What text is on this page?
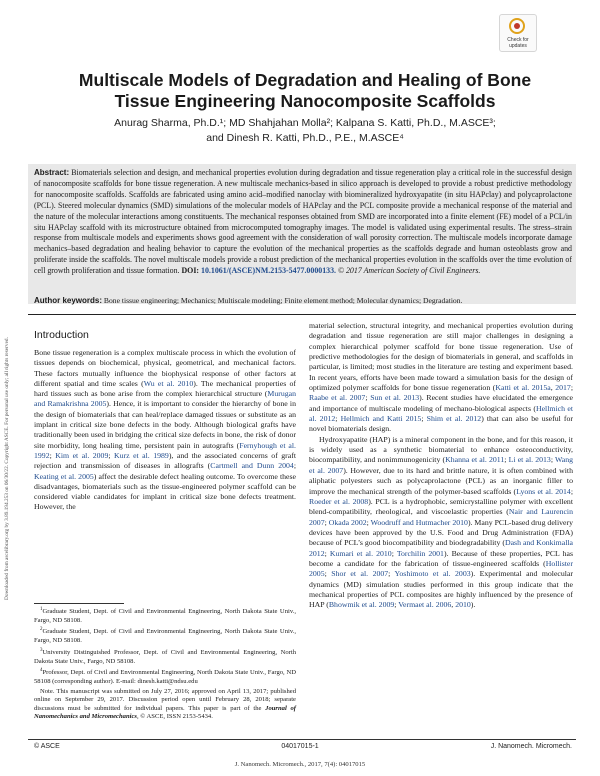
Downloaded from ascelibrary.org by 3.89.194.253 on 06/30/22. Copyright ASCE. For personal use only; all rights reserved.
Check for
updates
Multiscale Models of Degradation and Healing of Bone
Tissue Engineering Nanocomposite Scaffolds
Anurag Sharma, Ph.D.¹; MD Shahjahan Molla²; Kalpana S. Katti, Ph.D., M.ASCE³;
and Dinesh R. Katti, Ph.D., P.E., M.ASCE⁴
Abstract: Biomaterials selection and design, and mechanical properties evolution during degradation and tissue regeneration play a critical role in the successful design of nanocomposite scaffolds for bone tissue regeneration. A new multiscale mechanics-based in silico approach is developed to provide a robust predictive methodology for nanocomposite scaffolds. Scaffolds are fabricated using amino acid–modified nanoclay with biomineralized hydroxyapatite (in situ HAPclay) and polycaprolactone (PCL). Steered molecular dynamics (SMD) simulations of the molecular models of HAPclay and the PCL composite provide a mechanical response of the material and the nature of the molecular interactions among constituents. The mechanical responses obtained from SMD are incorporated into a finite element (FE) model of a PCL/in situ HAPclay scaffold with its microstructure obtained from microcomputed tomography images. The model is validated using experimental results. The stress–strain response from multiscale models and experiments shows good agreement with the consideration of wall porosity correction. The multiscale models incorporate damage mechanics–based degradation and healing behavior to capture the evolution of the mechanical properties as the scaffolds degrade and human osteoblasts grow and proliferate inside the scaffolds. The novel multiscale models provide a robust prediction of the mechanical properties evolution in the scaffolds over the time evolution of cell growth proliferation and tissue formation. DOI: 10.1061/(ASCE)NM.2153-5477.0000133. © 2017 American Society of Civil Engineers.
Author keywords: Bone tissue engineering; Mechanics; Multiscale modeling; Finite element method; Molecular dynamics; Degradation.

Introduction

Bone tissue regeneration is a complex multiscale process in which the evolution of tissues depends on biochemical, physical, geometrical, and mechanical factors. These factors mutually influence the biophysical response of other factors at different spatial and time scales (Wu et al. 2010). The mechanical properties of hard tissues such as bone arise from the complex hierarchical structure (Murugan and Ramakrishna 2005). Hence, it is important to consider the hierarchy of bone in the design of biomaterials that can heal/replace damaged tissues or substitute as an implant in critical size bone defects in the body. Although biological grafts have traditionally been used in bridging the critical size defects in bone, the risk of donor site morbidity, long healing time, persistent pain in autografts (Fernyhough et al. 1992; Kim et al. 2009; Kurz et al. 1989), and the associated concerns of graft rejection and transmission of diseases in allografts (Cartmell and Dunn 2004; Keating et al. 2005) affect the desirable defect healing outcome. To overcome these disadvantages, biomaterials such as the tissue-engineered polymer scaffold can be considered viable candidates for implant in critical size bone defects treatment. However, the

$^1$Graduate Student, Dept. of Civil and Environmental Engineering, North Dakota State Univ., Fargo, ND 58108.

$^2$Graduate Student, Dept. of Civil and Environmental Engineering, North Dakota State Univ., Fargo, ND 58108.

$^3$University Distinguished Professor, Dept. of Civil and Environmental Engineering, North Dakota State Univ., Fargo, ND 58108.

$^4$Professor, Dept. of Civil and Environmental Engineering, North Dakota State Univ., Fargo, ND 58108 (corresponding author). E-mail: dinesh.katti@ndsu.edu

Note. This manuscript was submitted on July 27, 2016; approved on April 13, 2017; published online on September 29, 2017. Discussion period open until February 28, 2018; separate discussions must be submitted for individual papers. This paper is part of the Journal of Nanomechanics and Micromechanics, © ASCE, ISSN 2153-5434.

material selection, structural integrity, and mechanical properties evolution during degradation and tissue regeneration are still major challenges in designing a complex hierarchical polymer scaffold for bone tissue regeneration. Use of predictive methodologies for the design of biomaterials in general, and scaffolds in particular, is limited; most studies in the literature are testing and experiment based. In recent years, efforts have been made toward a simulation basis for the design of optimized polymer scaffolds for bone tissue regeneration (Katti et al. 2015a, 2017; Raabe et al. 2007; Sun et al. 2013). Recent studies have elucidated the emergence and importance of multiscale modeling of mechano-biological aspects (Hellmich et al. 2012; Hellmich and Katti 2015; Shim et al. 2012) that can also be useful for novel biomaterials design.

Hydroxyapatite (HAP) is a mineral component in the bone, and for this reason, it is widely used as a synthetic biomaterial to enhance osteoconductivity, biocompatibility, and nonimmunogenicity (Khanna et al. 2011; Li et al. 2013; Wang et al. 2007). However, due to its hard and brittle nature, it is often combined with aliphatic polyesters such as polycaprolactone (PCL) as an inorganic filler to improve the mechanical strength of the polymer-based scaffolds (Lyons et al. 2014; Roeder et al. 2008). PCL is a hydrophobic, semicrystalline polymer with excellent blend-compatibility, rheological, and viscoelastic properties (Nair and Laurencin 2007; Okada 2002; Woodruff and Hutmacher 2010). Many PCL-based drug delivery devices have been approved by the U.S. Food and Drug Administration (FDA) because of PCL’s good biocompatibility and biodegradability (Dash and Konkimalla 2012; Kumari et al. 2010; Torchilin 2001). Because of these properties, PCL has become a candidate for the fabrication of tissue-engineered scaffolds (Hollister 2005; Shor et al. 2007; Yoshimoto et al. 2003). Experimental and molecular dynamics (MD) simulation studies performed in this group indicate that the mechanical properties of PCL composites are highly influenced by the presence of HAP (Bhowmik et al. 2009; Vermaet al. 2006, 2010).

© ASCE	04017015-1	J. Nanomech. Micromech.
J. Nanomech. Micromech., 2017, 7(4): 04017015
